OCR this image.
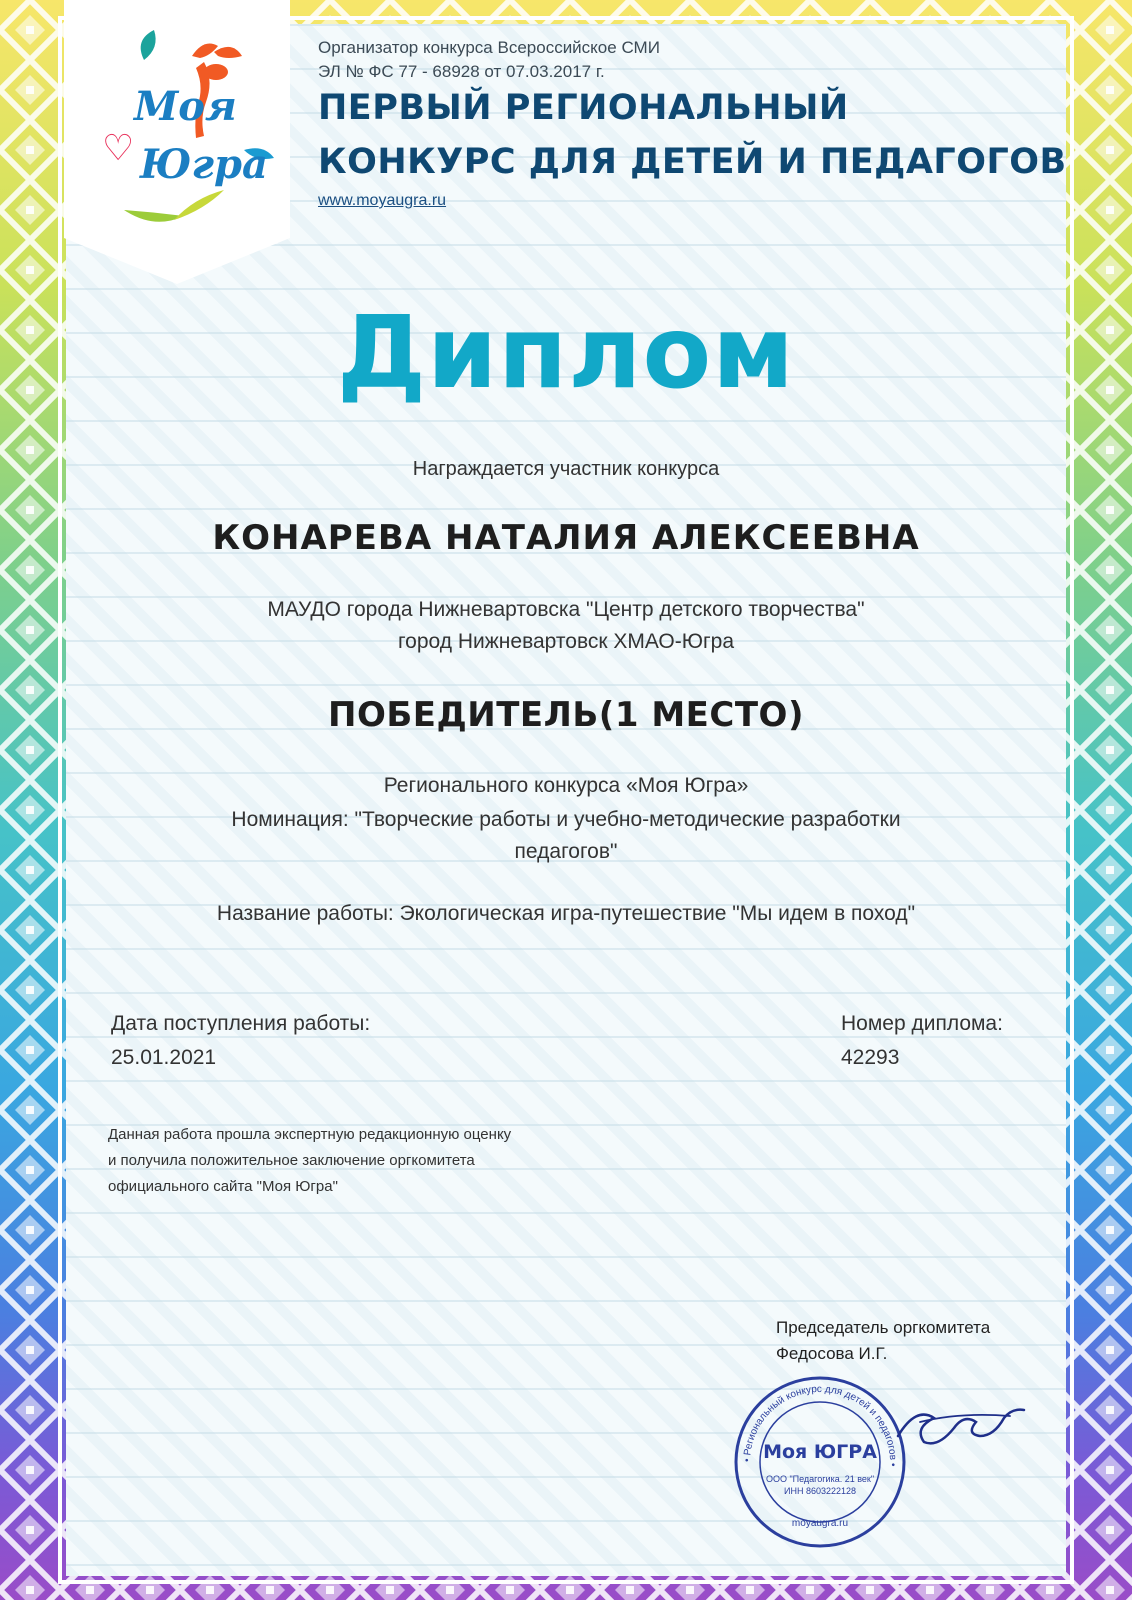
Моя
♡ Югра
Организатор конкурса Всероссийское СМИ
ЭЛ № ФС 77 - 68928 от 07.03.2017 г.
ПЕРВЫЙ РЕГИОНАЛЬНЫЙ
КОНКУРС ДЛЯ ДЕТЕЙ И ПЕДАГОГОВ
www.moyaugra.ru
Диплом
Награждается участник конкурса
КОНАРЕВА НАТАЛИЯ АЛЕКСЕЕВНА
МАУДО города Нижневартовска "Центр детского творчества"
город Нижневартовск ХМАО-Югра
ПОБЕДИТЕЛЬ(1 МЕСТО)
Регионального конкурса «Моя Югра»
Номинация: "Творческие работы и учебно-методические разработки
педагогов"
Название работы: Экологическая игра-путешествие "Мы идем в поход"
Дата поступления работы:
25.01.2021
Номер диплома:
42293
Данная работа прошла экспертную редакционную оценку
и получила положительное заключение оргкомитета
официального сайта "Моя Югра"
Председатель оргкомитета
Федосова И.Г.
• Региональный конкурс для детей и педагогов •
Моя ЮГРА
ООО "Педагогика. 21 век"
ИНН 8603222128
moyaugra.ru
